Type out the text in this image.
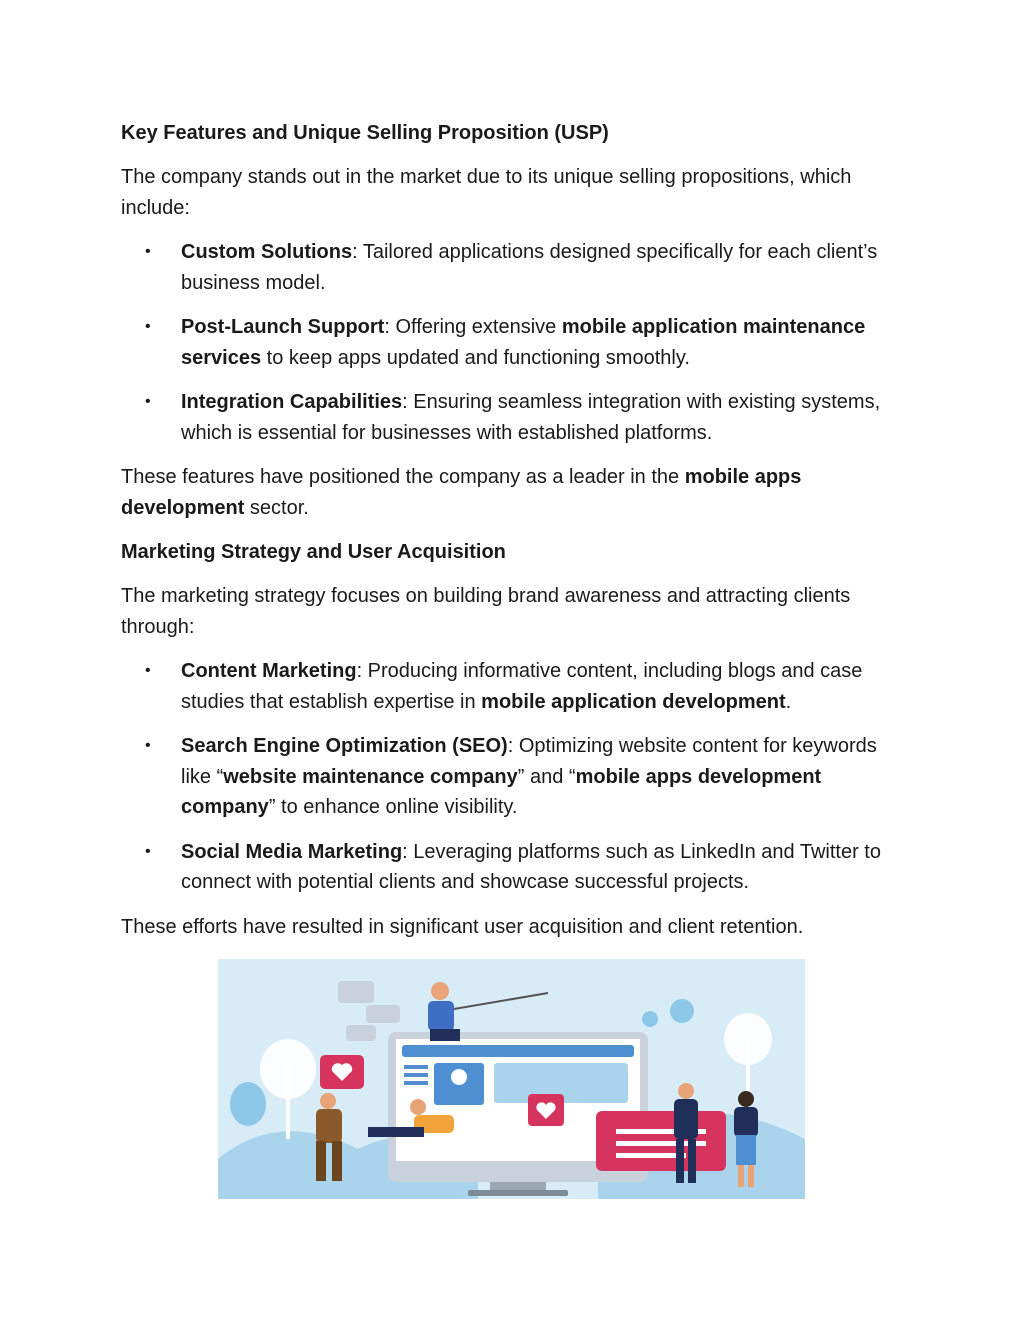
Key Features and Unique Selling Proposition (USP)
The company stands out in the market due to its unique selling propositions, which include:
• Custom Solutions: Tailored applications designed specifically for each client’s business model.
• Post-Launch Support: Offering extensive mobile application maintenance services to keep apps updated and functioning smoothly.
• Integration Capabilities: Ensuring seamless integration with existing systems, which is essential for businesses with established platforms.
These features have positioned the company as a leader in the mobile apps development sector.
Marketing Strategy and User Acquisition
The marketing strategy focuses on building brand awareness and attracting clients through:
• Content Marketing: Producing informative content, including blogs and case studies that establish expertise in mobile application development.
• Search Engine Optimization (SEO): Optimizing website content for keywords like “website maintenance company” and “mobile apps development company” to enhance online visibility.
• Social Media Marketing: Leveraging platforms such as LinkedIn and Twitter to connect with potential clients and showcase successful projects.
These efforts have resulted in significant user acquisition and client retention.
